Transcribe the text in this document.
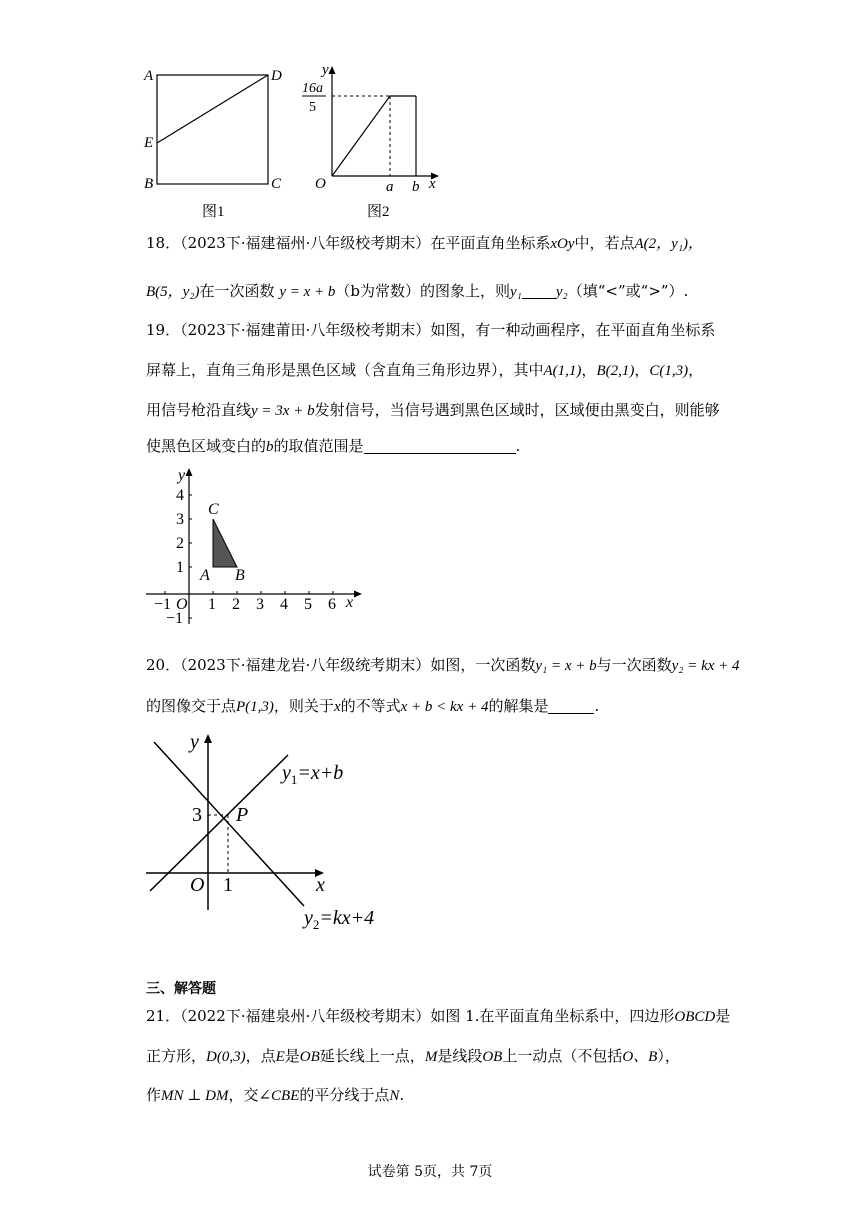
A	D
E
B	C
图1
y
x
O
16a
5
a b
图2
18．（2023下·福建福州·八年级校考期末）在平面直角坐标系xOy中，若点A(2，y₁)，
B(5，y₂)在一次函数 y = x + b（b为常数）的图象上，则y₁ y₂（填“<”或“>”）.
19．（2023下·福建莆田·八年级校考期末）如图，有一种动画程序，在平面直角坐标系
屏幕上，直角三角形是黑色区域（含直角三角形边界），其中A(1,1)，B(2,1)，C(1,3)，
用信号枪沿直线y = 3x + b发射信号，当信号遇到黑色区域时，区域便由黑变白，则能够
使黑色区域变白的b的取值范围是	.
y
x
−1 O 1 2 3 4 5 6
4
3
2
1
−1
C
A B
20．（2023下·福建龙岩·八年级统考期末）如图，一次函数y₁ = x + b与一次函数y₂ = kx + 4
的图像交于点P(1,3)，则关于x的不等式x + b < kx + 4的解集是	.
y
x
O 1
3 P
$y_1=x+b$
$y_2=kx+4$
三、解答题
21．（2022下·福建泉州·八年级校考期末）如图 1.在平面直角坐标系中，四边形OBCD是
正方形，D(0,3)，点E是OB延长线上一点，M是线段OB上一动点（不包括O、B），
作MN ⊥ DM，交∠CBE的平分线于点N.
试卷第 5页，共 7页
